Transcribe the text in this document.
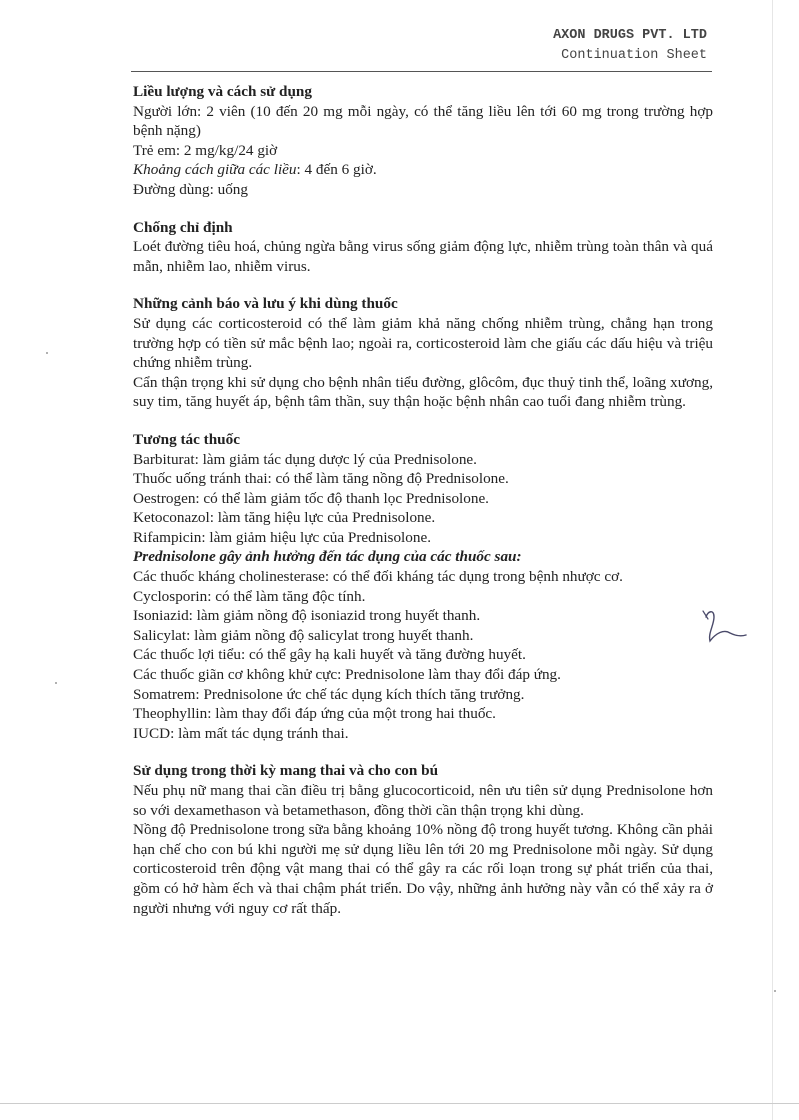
AXON DRUGS PVT. LTD
Continuation Sheet
Liều lượng và cách sử dụng

Người lớn: 2 viên (10 đến 20 mg mỗi ngày, có thể tăng liều lên tới 60 mg trong trường hợp bệnh nặng)

Trẻ em: 2 mg/kg/24 giờ
Khoảng cách giữa các liều: 4 đến 6 giờ.
Đường dùng: uống
Chống chỉ định

Loét đường tiêu hoá, chủng ngừa bằng virus sống giảm động lực, nhiễm trùng toàn thân và quá mẫn, nhiễm lao, nhiễm virus.

Những cảnh báo và lưu ý khi dùng thuốc

Sử dụng các corticosteroid có thể làm giảm khả năng chống nhiễm trùng, chẳng hạn trong trường hợp có tiền sử mắc bệnh lao; ngoài ra, corticosteroid làm che giấu các dấu hiệu và triệu chứng nhiễm trùng.

Cẩn thận trọng khi sử dụng cho bệnh nhân tiểu đường, glôcôm, đục thuỷ tinh thể, loãng xương, suy tim, tăng huyết áp, bệnh tâm thần, suy thận hoặc bệnh nhân cao tuổi đang nhiễm trùng.

Tương tác thuốc
Barbiturat: làm giảm tác dụng dược lý của Prednisolone.
Thuốc uống tránh thai: có thể làm tăng nồng độ Prednisolone.
Oestrogen: có thể làm giảm tốc độ thanh lọc Prednisolone.
Ketoconazol: làm tăng hiệu lực của Prednisolone.
Rifampicin: làm giảm hiệu lực của Prednisolone.
Prednisolone gây ảnh hưởng đến tác dụng của các thuốc sau:
Các thuốc kháng cholinesterase: có thể đối kháng tác dụng trong bệnh nhược cơ.
Cyclosporin: có thể làm tăng độc tính.
Isoniazid: làm giảm nồng độ isoniazid trong huyết thanh.
Salicylat: làm giảm nồng độ salicylat trong huyết thanh.
Các thuốc lợi tiểu: có thể gây hạ kali huyết và tăng đường huyết.
Các thuốc giãn cơ không khử cực: Prednisolone làm thay đổi đáp ứng.
Somatrem: Prednisolone ức chế tác dụng kích thích tăng trưởng.
Theophyllin: làm thay đổi đáp ứng của một trong hai thuốc.
IUCD: làm mất tác dụng tránh thai.
Sử dụng trong thời kỳ mang thai và cho con bú

Nếu phụ nữ mang thai cần điều trị bằng glucocorticoid, nên ưu tiên sử dụng Prednisolone hơn so với dexamethason và betamethason, đồng thời cần thận trọng khi dùng.

Nồng độ Prednisolone trong sữa bằng khoảng 10% nồng độ trong huyết tương. Không cần phải hạn chế cho con bú khi người mẹ sử dụng liều lên tới 20 mg Prednisolone mỗi ngày. Sử dụng corticosteroid trên động vật mang thai có thể gây ra các rối loạn trong sự phát triển của thai, gồm có hở hàm ếch và thai chậm phát triển. Do vậy, những ảnh hưởng này vẫn có thể xảy ra ở người nhưng với nguy cơ rất thấp.
